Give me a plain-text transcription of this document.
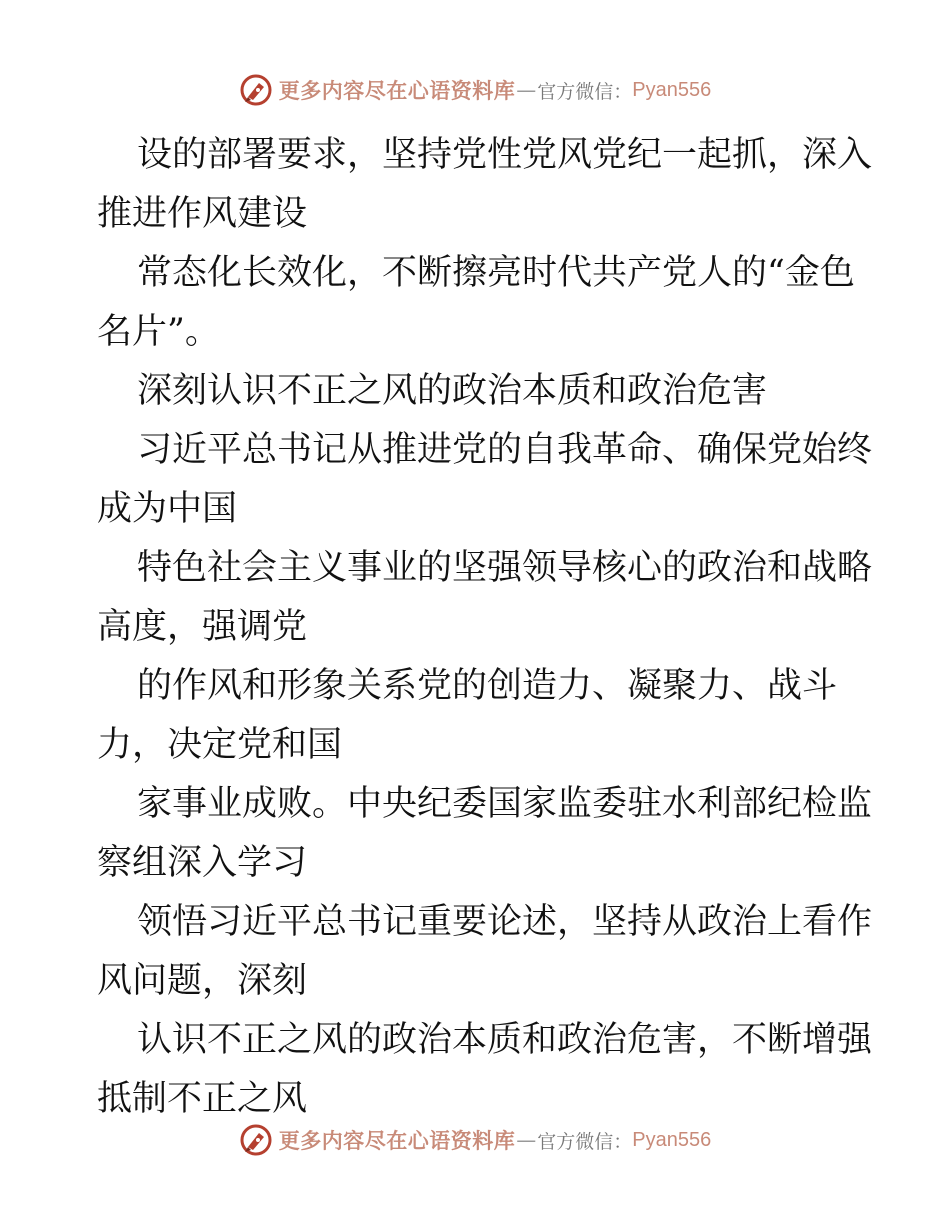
更多内容尽在心语资料库 — 官方微信： Pyan556
设的部署要求，坚持党性党风党纪一起抓，深入
推进作风建设
常态化长效化，不断擦亮时代共产党人的“金色
名片”。
深刻认识不正之风的政治本质和政治危害
习近平总书记从推进党的自我革命、确保党始终
成为中国
特色社会主义事业的坚强领导核心的政治和战略
高度，强调党
的作风和形象关系党的创造力、凝聚力、战斗
力，决定党和国
家事业成败。中央纪委国家监委驻水利部纪检监
察组深入学习
领悟习近平总书记重要论述，坚持从政治上看作
风问题，深刻
认识不正之风的政治本质和政治危害，不断增强
抵制不正之风
更多内容尽在心语资料库 — 官方微信： Pyan556
